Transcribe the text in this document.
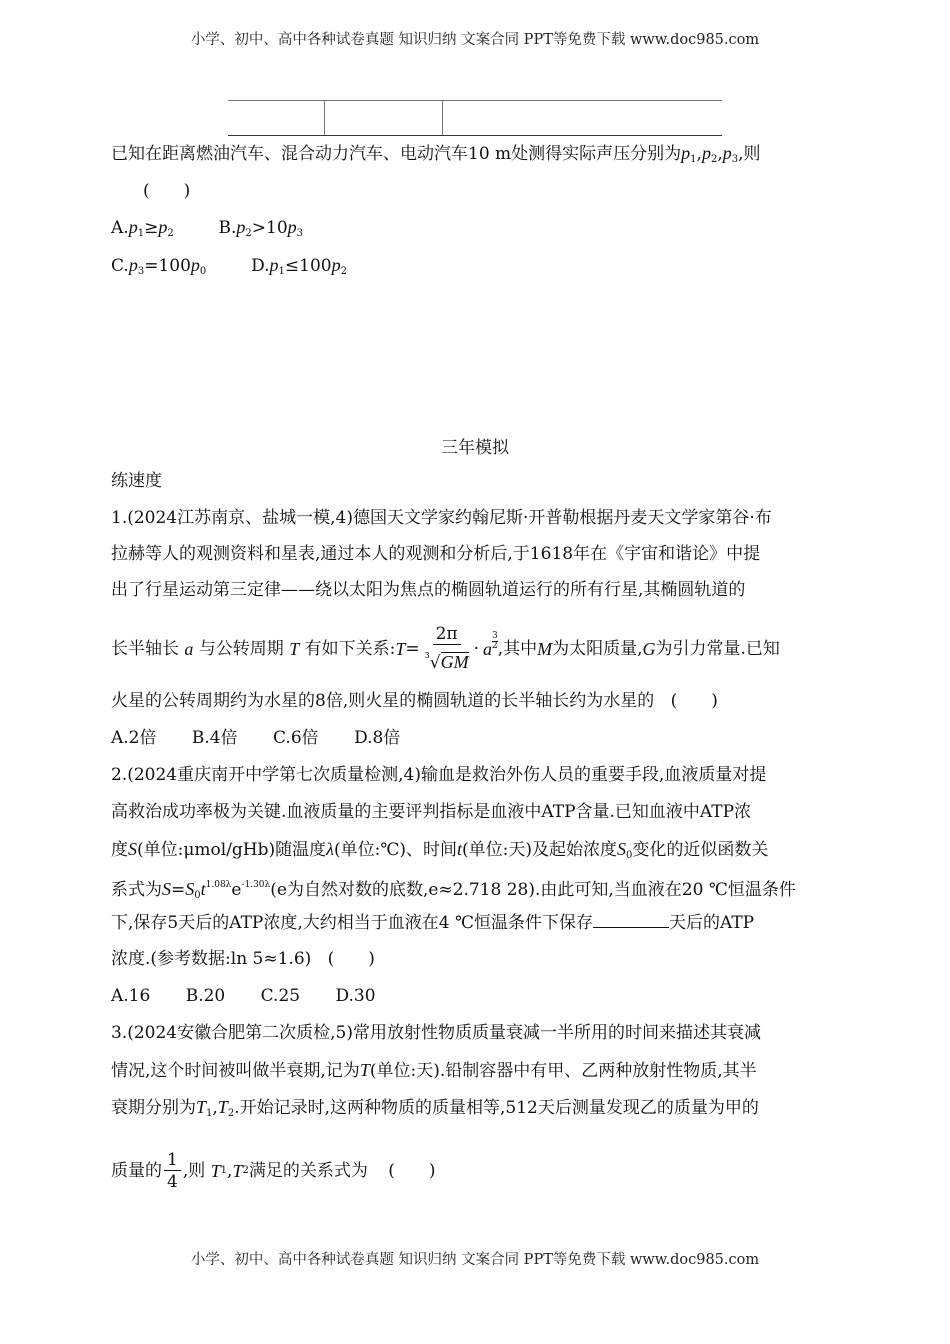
小学、初中、高中各种试卷真题 知识归纳 文案合同 PPT等免费下载 www.doc985.com
已知在距离燃油汽车、混合动力汽车、电动汽车10 m处测得实际声压分别为$p_1,p_2,p_3$,则
(　　)
$A.p_1\ge p_2$	$B.p_2>10p_3$
$C.p_3=100p_0$	$D.p_1\le 100p_2$
三年模拟
练速度
1.(2024江苏南京、盐城一模,4)德国天文学家约翰尼斯·开普勒根据丹麦天文学家第谷·布
拉赫等人的观测资料和星表,通过本人的观测和分析后,于1618年在《宇宙和谐论》中提
出了行星运动第三定律——绕以太阳为焦点的椭圆轨道运行的所有行星,其椭圆轨道的
长半轴长
a
与公转周期
T
有如下关系: $T = \frac{2\pi}{^3√GM} \cdot a$
3
2 ,其中 M 为太阳质量, G 为引力常量.已知
火星的公转周期约为水星的8倍,则火星的椭圆轨道的长半轴长约为水星的 (　　)
A.2倍 B.4倍 C.6倍 D.8倍
2.(2024重庆南开中学第七次质量检测,4)输血是救治外伤人员的重要手段,血液质量对提
高救治成功率极为关键.血液质量的主要评判指标是血液中ATP含量.已知血液中ATP浓
度S(单位:μmol/gHb)随温度λ(单位:℃)、时间t(单位:天)及起始浓度$S_0$变化的近似函数关
系式为$S=S_0t^{1.08\lambda}e^{-1.30\lambda}(e$为自然对数的底数,e≈2.718 28).由此可知,当血液在20 ℃恒温条件
下,保存5天后的ATP浓度,大约相当于血液在4 ℃恒温条件下保存	天后的ATP
浓度.(参考数据:ln 5≈1.6) (　　)
A.16 B.20 C.25 D.30
3.(2024安徽合肥第二次质检,5)常用放射性物质质量衰减一半所用的时间来描述其衰减
情况,这个时间被叫做半衰期,记为T(单位:天).铅制容器中有甲、乙两种放射性物质,其半
衰期分别为$T_1,T_2$.开始记录时,这两种物质的质量相等,512天后测量发现乙的质量为甲的
质量的 $\frac{1}{4}$ ,则
T 1 , T 2 满足的关系式为 (　　)
小学、初中、高中各种试卷真题 知识归纳 文案合同 PPT等免费下载 www.doc985.com
